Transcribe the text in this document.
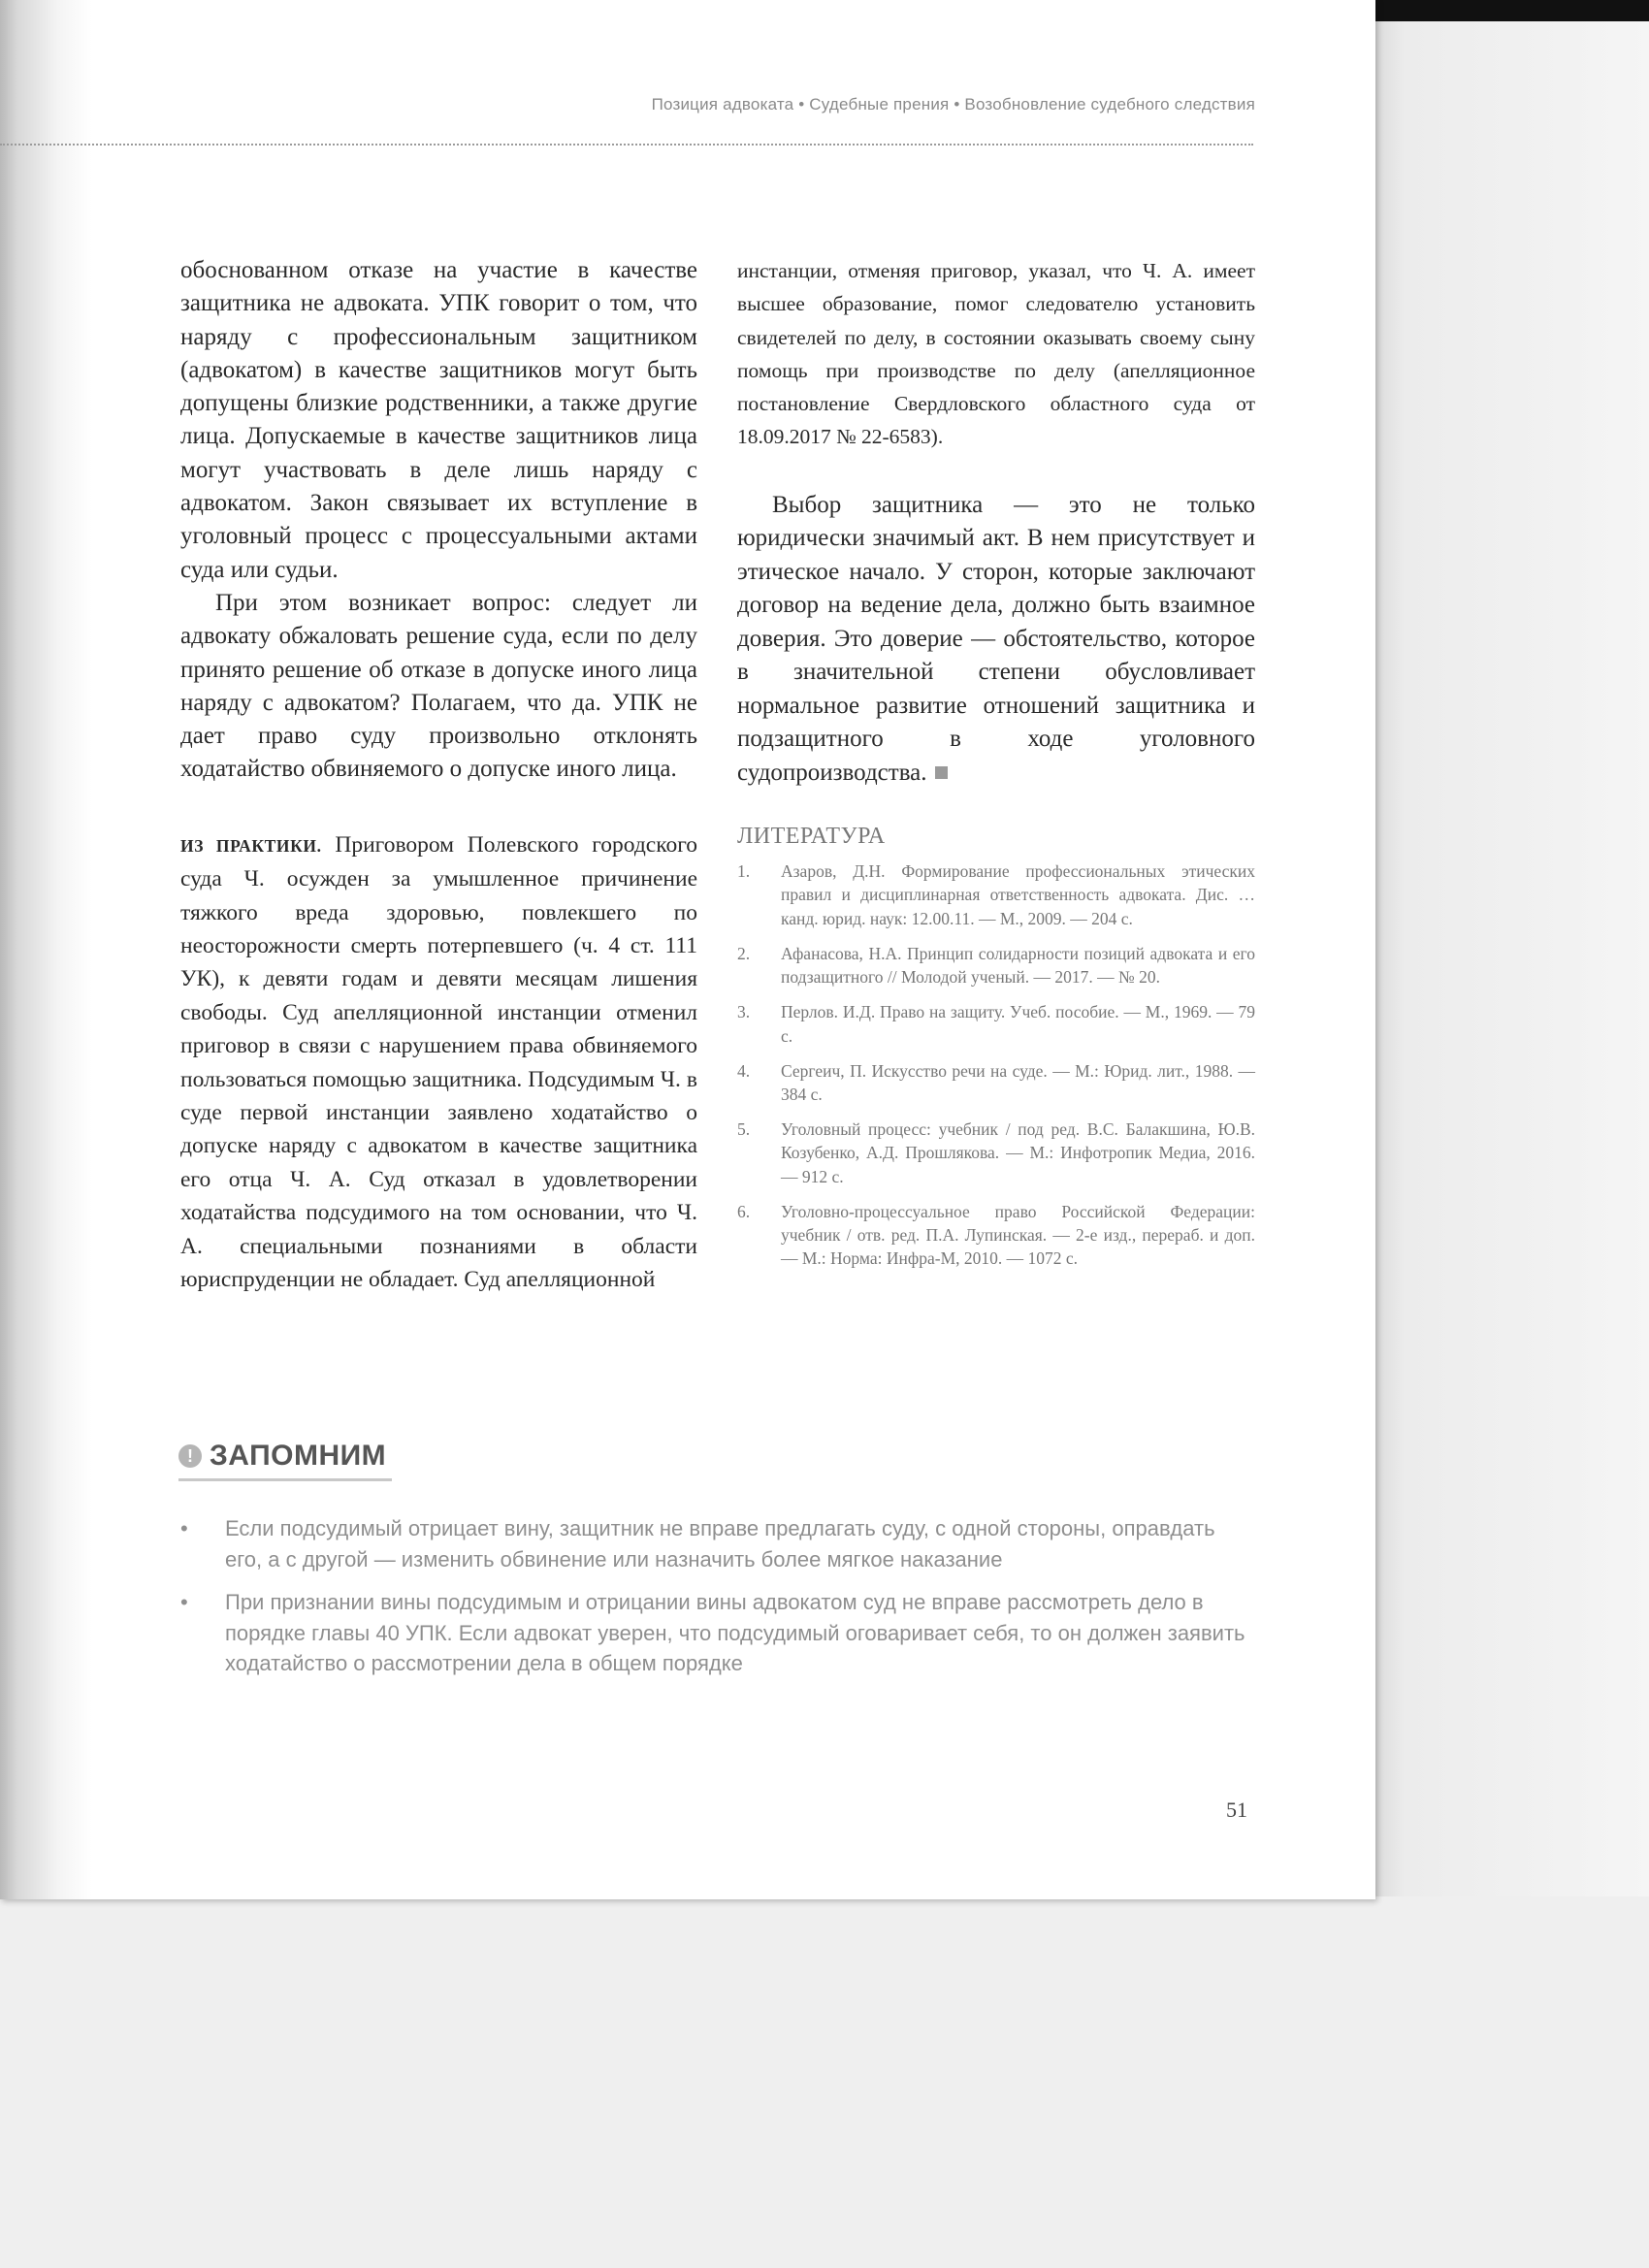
Позиция адвоката • Судебные прения • Возобновление судебного следствия

обоснованном отказе на участие в качестве защитника не адвоката. УПК говорит о том, что наряду с профессиональным защитником (адвокатом) в качестве защитников могут быть допущены близкие родственники, а также другие лица. Допускаемые в качестве защитников лица могут участвовать в деле лишь наряду с адвокатом. Закон связывает их вступление в уголовный процесс с процессуальными актами суда или судьи.

При этом возникает вопрос: следует ли адвокату обжаловать решение суда, если по делу принято решение об отказе в допуске иного лица наряду с адвокатом? Полагаем, что да. УПК не дает право суду произвольно отклонять ходатайство обвиняемого о допуске иного лица.

ИЗ ПРАКТИКИ. Приговором Полевского городского суда Ч. осужден за умышленное причинение тяжкого вреда здоровью, повлекшего по неосторожности смерть потерпевшего (ч. 4 ст. 111 УК), к девяти годам и девяти месяцам лишения свободы. Суд апелляционной инстанции отменил приговор в связи с нарушением права обвиняемого пользоваться помощью защитника. Подсудимым Ч. в суде первой инстанции заявлено ходатайство о допуске наряду с адвокатом в качестве защитника его отца Ч. А. Суд отказал в удовлетворении ходатайства подсудимого на том основании, что Ч. А. специальными познаниями в области юриспруденции не обладает. Суд апелляционной

инстанции, отменяя приговор, указал, что Ч. А. имеет высшее образование, помог следователю установить свидетелей по делу, в состоянии оказывать своему сыну помощь при производстве по делу (апелляционное постановление Свердловского областного суда от 18.09.2017 № 22-6583).

Выбор защитника — это не только юридически значимый акт. В нем присутствует и этическое начало. У сторон, которые заключают договор на ведение дела, должно быть взаимное доверия. Это доверие — обстоятельство, которое в значительной степени обусловливает нормальное развитие отношений защитника и подзащитного в ходе уголовного судопроизводства.

ЛИТЕРАТУРА
1. Азаров, Д.Н. Формирование профессиональных этических правил и дисциплинарная ответственность адвоката. Дис. … канд. юрид. наук: 12.00.11. — М., 2009. — 204 с.
2. Афанасова, Н.А. Принцип солидарности позиций адвоката и его подзащитного // Молодой ученый. — 2017. — № 20.
3. Перлов. И.Д. Право на защиту. Учеб. пособие. — М., 1969. — 79 с.
4. Сергеич, П. Искусство речи на суде. — М.: Юрид. лит., 1988. — 384 с.
5. Уголовный процесс: учебник / под ред. В.С. Балакшина, Ю.В. Козубенко, А.Д. Прошлякова. — М.: Инфотропик Медиа, 2016. — 912 с.
6. Уголовно-процессуальное право Российской Федерации: учебник / отв. ред. П.А. Лупинская. — 2-е изд., перераб. и доп. — М.: Норма: Инфра-М, 2010. — 1072 с.
! ЗАПОМНИМ
• Если подсудимый отрицает вину, защитник не вправе предлагать суду, с одной стороны, оправдать его, а с другой — изменить обвинение или назначить более мягкое наказание
• При признании вины подсудимым и отрицании вины адвокатом суд не вправе рассмотреть дело в порядке главы 40 УПК. Если адвокат уверен, что подсудимый оговаривает себя, то он должен заявить ходатайство о рассмотрении дела в общем порядке
51
